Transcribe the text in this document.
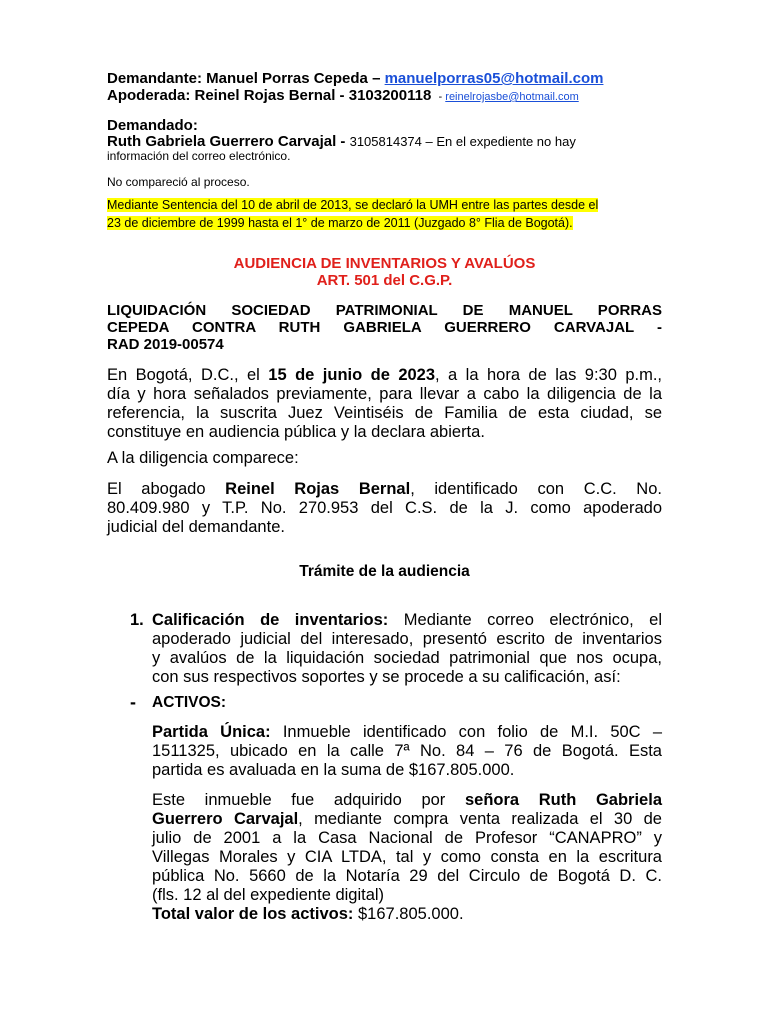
Demandante: Manuel Porras Cepeda – manuelporras05@hotmail.com
Apoderada: Reinel Rojas Bernal - 3103200118  - reinelrojasbe@hotmail.com
Demandado:
Ruth Gabriela Guerrero Carvajal - 3105814374 – En el expediente no hay
información del correo electrónico.
No compareció al proceso.
Mediante Sentencia del 10 de abril de 2013, se declaró la UMH entre las partes desde el
23 de diciembre de 1999 hasta el 1° de marzo de 2011 (Juzgado 8° Flia de Bogotá).
AUDIENCIA DE INVENTARIOS Y AVALÚOS
ART. 501 del C.G.P.
LIQUIDACIÓN SOCIEDAD PATRIMONIAL DE MANUEL PORRAS
CEPEDA CONTRA RUTH GABRIELA GUERRERO CARVAJAL -
RAD 2019-00574
En Bogotá, D.C., el 15 de junio de 2023, a la hora de las 9:30 p.m.,
día y hora señalados previamente, para llevar a cabo la diligencia de la
referencia, la suscrita Juez Veintiséis de Familia de esta ciudad, se
constituye en audiencia pública y la declara abierta.
A la diligencia comparece:
El abogado Reinel Rojas Bernal, identificado con C.C. No.
80.409.980 y T.P. No. 270.953 del C.S. de la J. como apoderado
judicial del demandante.
Trámite de la audiencia
1. Calificación de inventarios: Mediante correo electrónico, el
apoderado judicial del interesado, presentó escrito de inventarios
y avalúos de la liquidación sociedad patrimonial que nos ocupa,
con sus respectivos soportes y se procede a su calificación, así:
- ACTIVOS:
Partida Única: Inmueble identificado con folio de M.I. 50C –
1511325, ubicado en la calle 7ª No. 84 – 76 de Bogotá. Esta
partida es avaluada en la suma de $167.805.000.
Este inmueble fue adquirido por señora Ruth Gabriela
Guerrero Carvajal, mediante compra venta realizada el 30 de
julio de 2001 a la Casa Nacional de Profesor “CANAPRO” y
Villegas Morales y CIA LTDA, tal y como consta en la escritura
pública No. 5660 de la Notaría 29 del Circulo de Bogotá D. C.
(fls. 12 al del expediente digital)
Total valor de los activos: $167.805.000.
